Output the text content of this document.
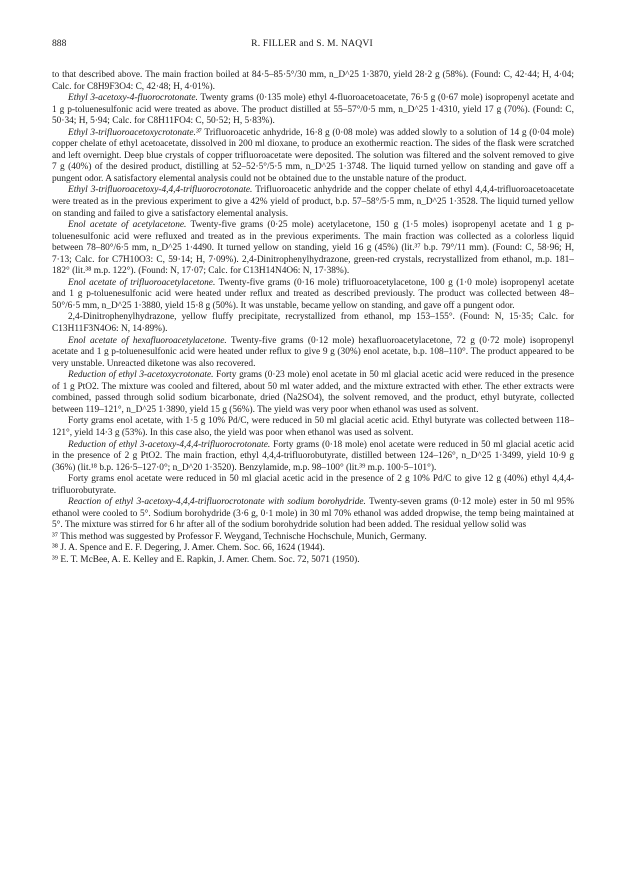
888	R. FILLER and S. M. NAQVI

to that described above. The main fraction boiled at 84·5–85·5°/30 mm, n_D^25 1·3870, yield 28·2 g (58%). (Found: C, 42·44; H, 4·04; Calc. for C8H9F3O4: C, 42·48; H, 4·01%).

Ethyl 3-acetoxy-4-fluorocrotonate. Twenty grams (0·135 mole) ethyl 4-fluoroacetoacetate, 76·5 g (0·67 mole) isopropenyl acetate and 1 g p-toluenesulfonic acid were treated as above. The product distilled at 55–57°/0·5 mm, n_D^25 1·4310, yield 17 g (70%). (Found: C, 50·34; H, 5·94; Calc. for C8H11FO4: C, 50·52; H, 5·83%).

Ethyl 3-trifluoroacetoxycrotonate.³⁷ Trifluoroacetic anhydride, 16·8 g (0·08 mole) was added slowly to a solution of 14 g (0·04 mole) copper chelate of ethyl acetoacetate, dissolved in 200 ml dioxane, to produce an exothermic reaction. The sides of the flask were scratched and left overnight. Deep blue crystals of copper trifluoroacetate were deposited. The solution was filtered and the solvent removed to give 7 g (40%) of the desired product, distilling at 52–52·5°/5·5 mm, n_D^25 1·3748. The liquid turned yellow on standing and gave off a pungent odor. A satisfactory elemental analysis could not be obtained due to the unstable nature of the product.

Ethyl 3-trifluoroacetoxy-4,4,4-trifluorocrotonate. Trifluoroacetic anhydride and the copper chelate of ethyl 4,4,4-trifluoroacetoacetate were treated as in the previous experiment to give a 42% yield of product, b.p. 57–58°/5·5 mm, n_D^25 1·3528. The liquid turned yellow on standing and failed to give a satisfactory elemental analysis.

Enol acetate of acetylacetone. Twenty-five grams (0·25 mole) acetylacetone, 150 g (1·5 moles) isopropenyl acetate and 1 g p-toluenesulfonic acid were refluxed and treated as in the previous experiments. The main fraction was collected as a colorless liquid between 78–80°/6·5 mm, n_D^25 1·4490. It turned yellow on standing, yield 16 g (45%) (lit.³⁷ b.p. 79°/11 mm). (Found: C, 58·96; H, 7·13; Calc. for C7H10O3: C, 59·14; H, 7·09%). 2,4-Dinitrophenylhydrazone, green-red crystals, recrystallized from ethanol, m.p. 181–182° (lit.³⁸ m.p. 122°). (Found: N, 17·07; Calc. for C13H14N4O6: N, 17·38%).

Enol acetate of trifluoroacetylacetone. Twenty-five grams (0·16 mole) trifluoroacetylacetone, 100 g (1·0 mole) isopropenyl acetate and 1 g p-toluenesulfonic acid were heated under reflux and treated as described previously. The product was collected between 48–50°/6·5 mm, n_D^25 1·3880, yield 15·8 g (50%). It was unstable, became yellow on standing, and gave off a pungent odor.

2,4-Dinitrophenylhydrazone, yellow fluffy precipitate, recrystallized from ethanol, mp 153–155°. (Found: N, 15·35; Calc. for C13H11F3N4O6: N, 14·89%).

Enol acetate of hexafluoroacetylacetone. Twenty-five grams (0·12 mole) hexafluoroacetylacetone, 72 g (0·72 mole) isopropenyl acetate and 1 g p-toluenesulfonic acid were heated under reflux to give 9 g (30%) enol acetate, b.p. 108–110°. The product appeared to be very unstable. Unreacted diketone was also recovered.

Reduction of ethyl 3-acetoxycrotonate. Forty grams (0·23 mole) enol acetate in 50 ml glacial acetic acid were reduced in the presence of 1 g PtO2. The mixture was cooled and filtered, about 50 ml water added, and the mixture extracted with ether. The ether extracts were combined, passed through solid sodium bicarbonate, dried (Na2SO4), the solvent removed, and the product, ethyl butyrate, collected between 119–121°, n_D^25 1·3890, yield 15 g (56%). The yield was very poor when ethanol was used as solvent.

Forty grams enol acetate, with 1·5 g 10% Pd/C, were reduced in 50 ml glacial acetic acid. Ethyl butyrate was collected between 118–121°, yield 14·3 g (53%). In this case also, the yield was poor when ethanol was used as solvent.

Reduction of ethyl 3-acetoxy-4,4,4-trifluorocrotonate. Forty grams (0·18 mole) enol acetate were reduced in 50 ml glacial acetic acid in the presence of 2 g PtO2. The main fraction, ethyl 4,4,4-trifluorobutyrate, distilled between 124–126°, n_D^25 1·3499, yield 10·9 g (36%) (lit.¹⁸ b.p. 126·5–127·0°; n_D^20 1·3520). Benzylamide, m.p. 98–100° (lit.³⁹ m.p. 100·5–101°).

Forty grams enol acetate were reduced in 50 ml glacial acetic acid in the presence of 2 g 10% Pd/C to give 12 g (40%) ethyl 4,4,4-trifluorobutyrate.

Reaction of ethyl 3-acetoxy-4,4,4-trifluorocrotonate with sodium borohydride. Twenty-seven grams (0·12 mole) ester in 50 ml 95% ethanol were cooled to 5°. Sodium borohydride (3·6 g, 0·1 mole) in 30 ml 70% ethanol was added dropwise, the temp being maintained at 5°. The mixture was stirred for 6 hr after all of the sodium borohydride solution had been added. The residual yellow solid was

³⁷ This method was suggested by Professor F. Weygand, Technische Hochschule, Munich, Germany.

³⁸ J. A. Spence and E. F. Degering, J. Amer. Chem. Soc. 66, 1624 (1944).

³⁹ E. T. McBee, A. E. Kelley and E. Rapkin, J. Amer. Chem. Soc. 72, 5071 (1950).
